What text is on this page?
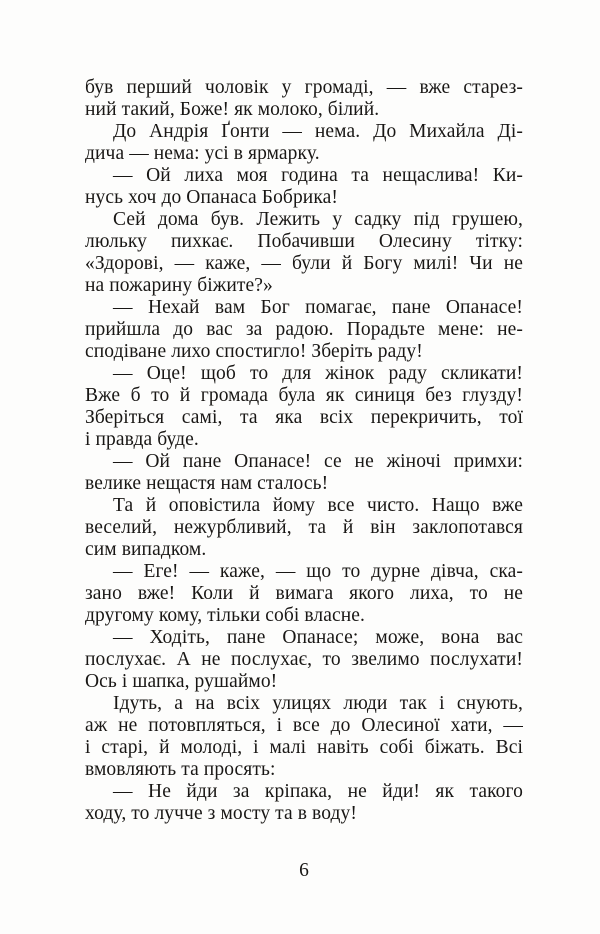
був перший чоловік у громаді, — вже старез-
ний такий, Боже! як молоко, білий.
До Андрія Ґонти — нема. До Михайла Ді-
дича — нема: усі в ярмарку.
— Ой лиха моя година та нещаслива! Ки-
нусь хоч до Опанаса Бобрика!
Сей дома був. Лежить у садку під грушею,
люльку пихкає. Побачивши Олесину тітку:
«Здорові, — каже, — були й Богу милі! Чи не
на пожарину біжите?»
— Нехай вам Бог помагає, пане Опанасе!
прийшла до вас за радою. Порадьте мене: не-
сподіване лихо спостигло! Зберіть раду!
— Оце! щоб то для жінок раду скликати!
Вже б то й громада була як синиця без глузду!
Зберіться самі, та яка всіх перекричить, тої
і правда буде.
— Ой пане Опанасе! се не жіночі примхи:
велике нещастя нам сталось!
Та й оповістила йому все чисто. Нащо вже
веселий, нежурбливий, та й він заклопотався
сим випадком.
— Еге! — каже, — що то дурне дівча, ска-
зано вже! Коли й вимага якого лиха, то не
другому кому, тільки собі власне.
— Ходіть, пане Опанасе; може, вона вас
послухає. А не послухає, то звелимо послухати!
Ось і шапка, рушаймо!
Ідуть, а на всіх улицях люди так і снують,
аж не потовпляться, і все до Олесиної хати, —
і старі, й молоді, і малі навіть собі біжать. Всі
вмовляють та просять:
— Не йди за кріпака, не йди! як такого
ходу, то лучче з мосту та в воду!
6
